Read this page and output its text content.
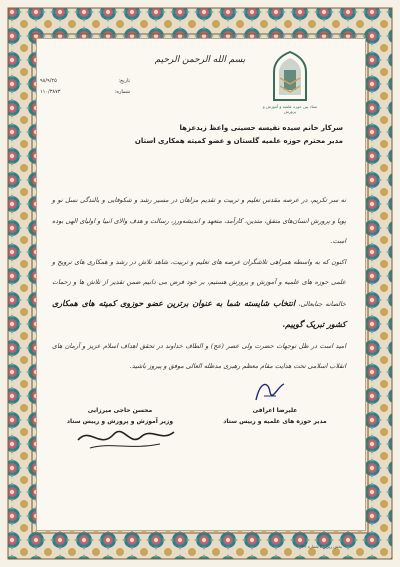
بسم الله الرحمن الرحیم
تاریخ:
۹۸/۹/۲۵
شماره:
۱۱۰/۳۸۷۳
ستاد بین حوزه علمیه و آموزش و پرورش
سرکار خانم سیده نفیسه حسینی واعظ زیدعزها
مدیر محترم حوزه علمیه گلستان و عضو کمیته همکاری استان

نه‌ سر تکریم، در عرصه مقدس تعلیم و تربیت و تقدیم مزاهان در مسیر رشد و شکوفایی و بالندگی نسل نو و پویا و پرورش انسان‌های متفق، متدین، کارآمد، متعهد و اندیشه‌ورز، رسالت و هدف والای انبیا و اولیای الهی بوده است.

اکنون که به‌ واسطه همراهی تلاشگران عرصه های تعلیم و تربیت، شاهد تلاش در رشد و همکاری های ترویج و علمی حوزه های علمیه و آموزش و پرورش هستیم، بر خود فرض می دانیم ضمن تقدیر از تلاش ها و زحمات خالصانه جنابعالی، انتخاب شایسته شما به عنوان برترین عضو حوزوی کمیته‌ های همکاری کشور تبریک گوییم.

امید است در ظل توجهات حضرت ولی عصر (عج) و الطاف خداوند در تحقق اهداف اسلام عزیز و آرمان های انقلاب اسلامی تحت هدایت مقام معظم رهبری مدظله العالی موفق و پیروز باشید.

علیرضا اعرافی
مدیر حوزه های علمیه و رییس ستاد
محسن حاجی میرزایی
وزیر آموزش و پرورش و رییس ستاد
بخش زیرین / شماره ۳۲۳
